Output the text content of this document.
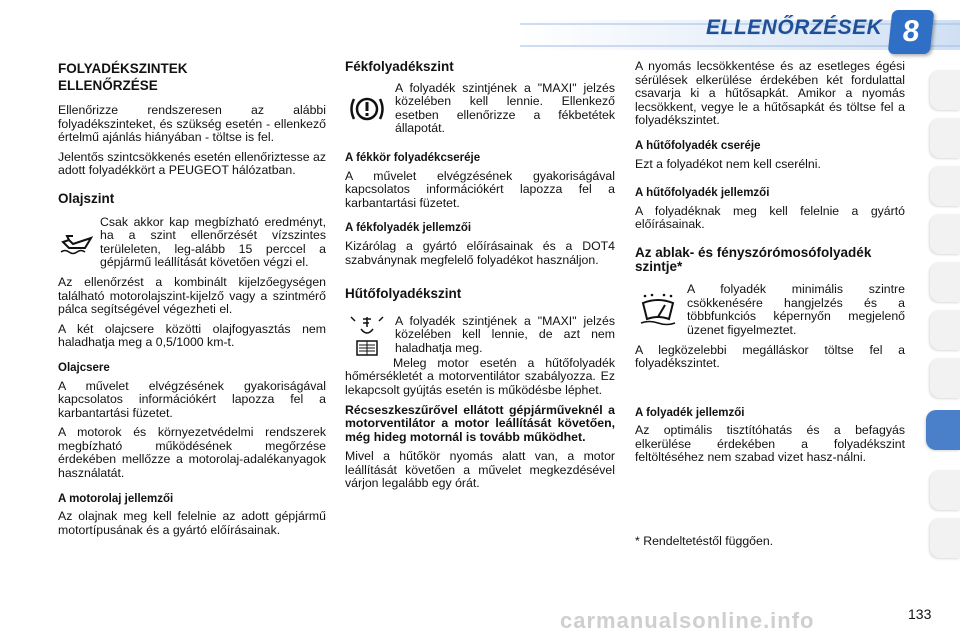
ELLENŐRZÉSEK 8
FOLYADÉKSZINTEK
ELLENŐRZÉSE

Ellenőrizze rendszeresen az alábbi folyadékszinteket, és szükség esetén - ellenkező értelmű ajánlás hiányában - töltse is fel.

Jelentős szintcsökkenés esetén ellenőriztesse az adott folyadékkört a PEUGEOT hálózatban.

Olajszint

Csak akkor kap megbízható eredményt, ha a szint ellenőrzését vízszintes terüleleten, leg-alább 15 perccel a gépjármű leállítását követően végzi el.

Az ellenőrzést a kombinált kijelzőegységen található motorolajszint-kijelző vagy a szintmérő pálca segítségével végezheti el.

A két olajcsere közötti olajfogyasztás nem haladhatja meg a 0,5/1000 km-t.

Olajcsere

A művelet elvégzésének gyakoriságával kapcsolatos információkért lapozza fel a karbantartási füzetet.

A motorok és környezetvédelmi rendszerek megbízható működésének megőrzése érdekében mellőzze a motorolaj-adalékanyagok használatát.

A motorolaj jellemzői

Az olajnak meg kell felelnie az adott gépjármű motortípusának és a gyártó előírásainak.

Fékfolyadékszint

A folyadék szintjének a "MAXI" jelzés közelében kell lennie. Ellenkező esetben ellenőrizze a fékbetétek állapotát.

A fékkör folyadékcseréje

A művelet elvégzésének gyakoriságával kapcsolatos információkért lapozza fel a karbantartási füzetet.

A fékfolyadék jellemzői

Kizárólag a gyártó előírásainak és a DOT4 szabványnak megfelelő folyadékot használjon.

Hűtőfolyadékszint

A folyadék szintjének a "MAXI" jelzés közelében kell lennie, de azt nem haladhatja meg.

Meleg motor esetén a hűtőfolyadék hőmérsékletét a motorventilátor szabályozza. Ez lekapcsolt gyújtás esetén is működésbe léphet.

Récseszkeszűrővel ellátott gépjárműveknél a motorventilátor a motor leállítását követően, még hideg motornál is tovább működhet.

Mivel a hűtőkör nyomás alatt van, a motor leállítását követően a művelet megkezdésével várjon legalább egy órát.

A nyomás lecsökkentése és az esetleges égési sérülések elkerülése érdekében két fordulattal csavarja ki a hűtősapkát. Amikor a nyomás lecsökkent, vegye le a hűtősapkát és töltse fel a folyadékszintet.

A hűtőfolyadék cseréje

Ezt a folyadékot nem kell cserélni.

A hűtőfolyadék jellemzői

A folyadéknak meg kell felelnie a gyártó előírásainak.

Az ablak- és fényszórómosófolyadék szintje*

A folyadék minimális szintre csökkenésére hangjelzés és a többfunkciós képernyőn megjelenő üzenet figyelmeztet.

A legközelebbi megálláskor töltse fel a folyadékszintet.

A folyadék jellemzői

Az optimális tisztítóhatás és a befagyás elkerülése érdekében a folyadékszint feltöltéséhez nem szabad vizet hasz-nálni.

* Rendeltetéstől függően.

carmanualsonline.info	133
